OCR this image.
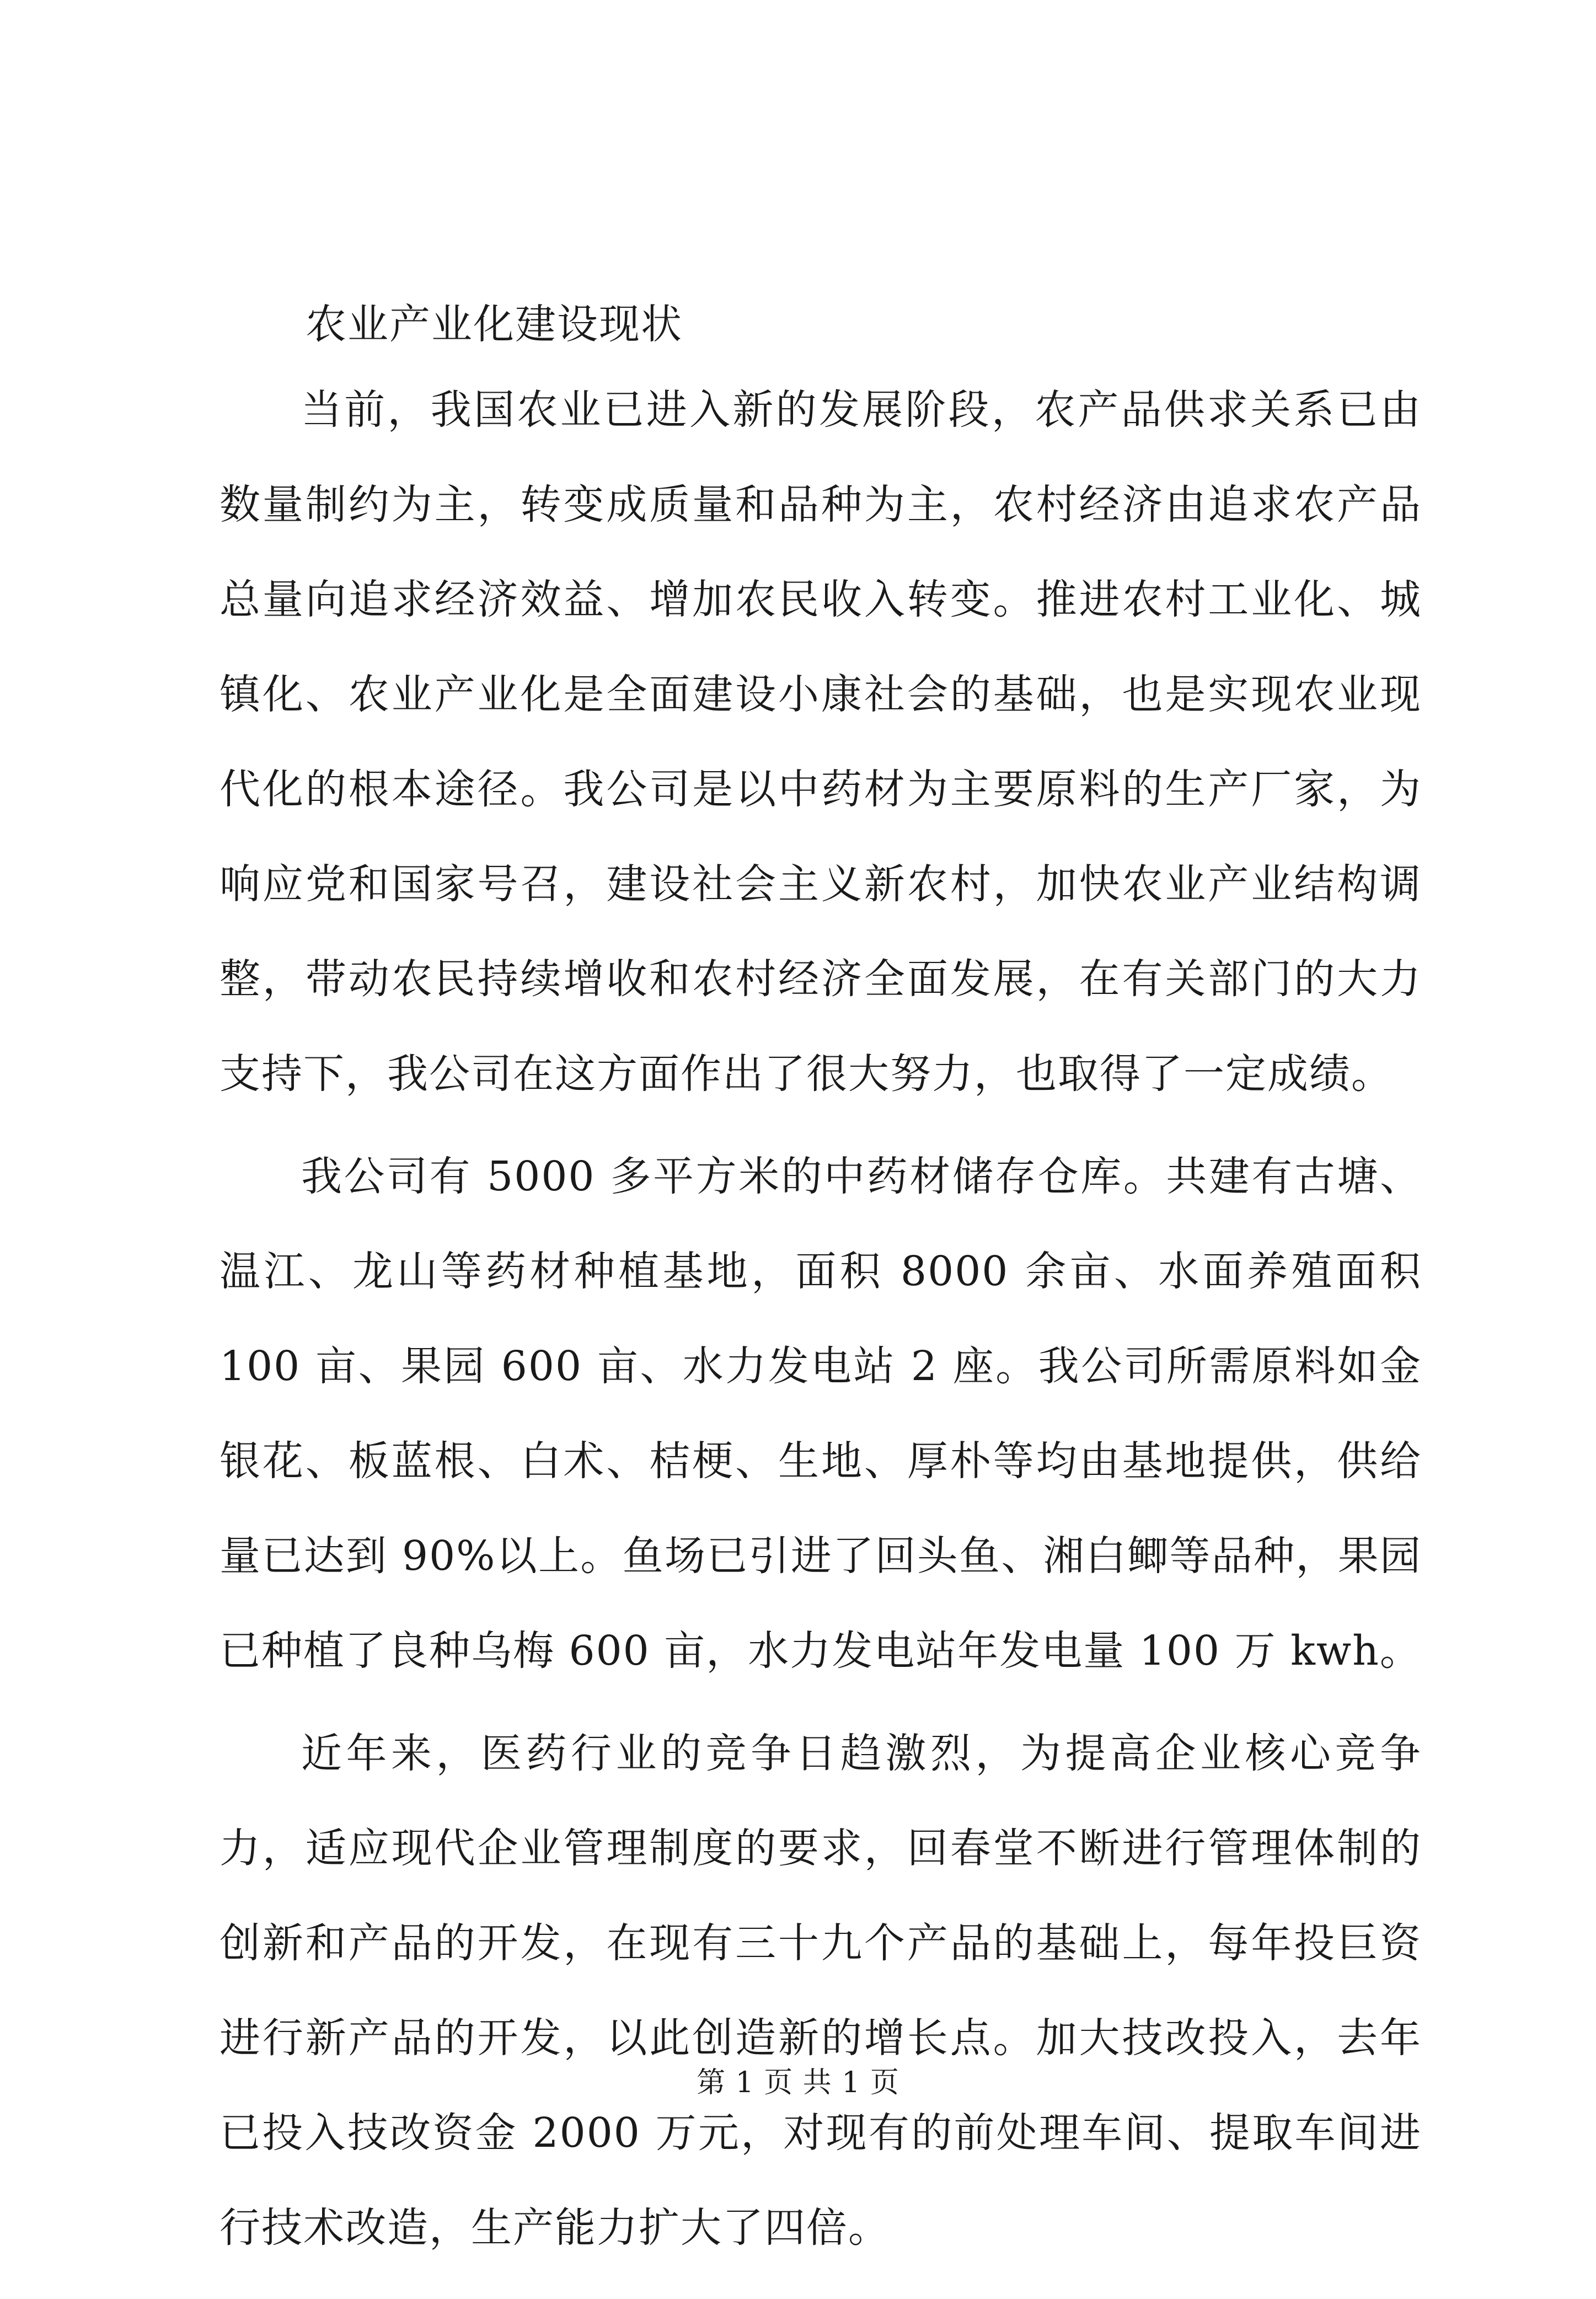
农业产业化建设现状

当前，我国农业已进入新的发展阶段，农产品供求关系已由数量制约为主，转变成质量和品种为主，农村经济由追求农产品总量向追求经济效益、增加农民收入转变。推进农村工业化、城镇化、农业产业化是全面建设小康社会的基础，也是实现农业现代化的根本途径。我公司是以中药材为主要原料的生产厂家，为响应党和国家号召，建设社会主义新农村，加快农业产业结构调整，带动农民持续增收和农村经济全面发展，在有关部门的大力支持下，我公司在这方面作出了很大努力，也取得了一定成绩。

我公司有 5000 多平方米的中药材储存仓库。共建有古塘、温江、龙山等药材种植基地，面积 8000 余亩、水面养殖面积 100 亩、果园 600 亩、水力发电站 2 座。我公司所需原料如金银花、板蓝根、白术、桔梗、生地、厚朴等均由基地提供，供给量已达到 90%以上。鱼场已引进了回头鱼、湘白鲫等品种，果园已种植了良种乌梅 600 亩，水力发电站年发电量 100 万 kwh。

近年来，医药行业的竞争日趋激烈，为提高企业核心竞争力，适应现代企业管理制度的要求，回春堂不断进行管理体制的创新和产品的开发，在现有三十九个产品的基础上，每年投巨资进行新产品的开发，以此创造新的增长点。加大技改投入，去年已投入技改资金 2000 万元，对现有的前处理车间、提取车间进行技术改造，生产能力扩大了四倍。

第 1 页 共 1 页
